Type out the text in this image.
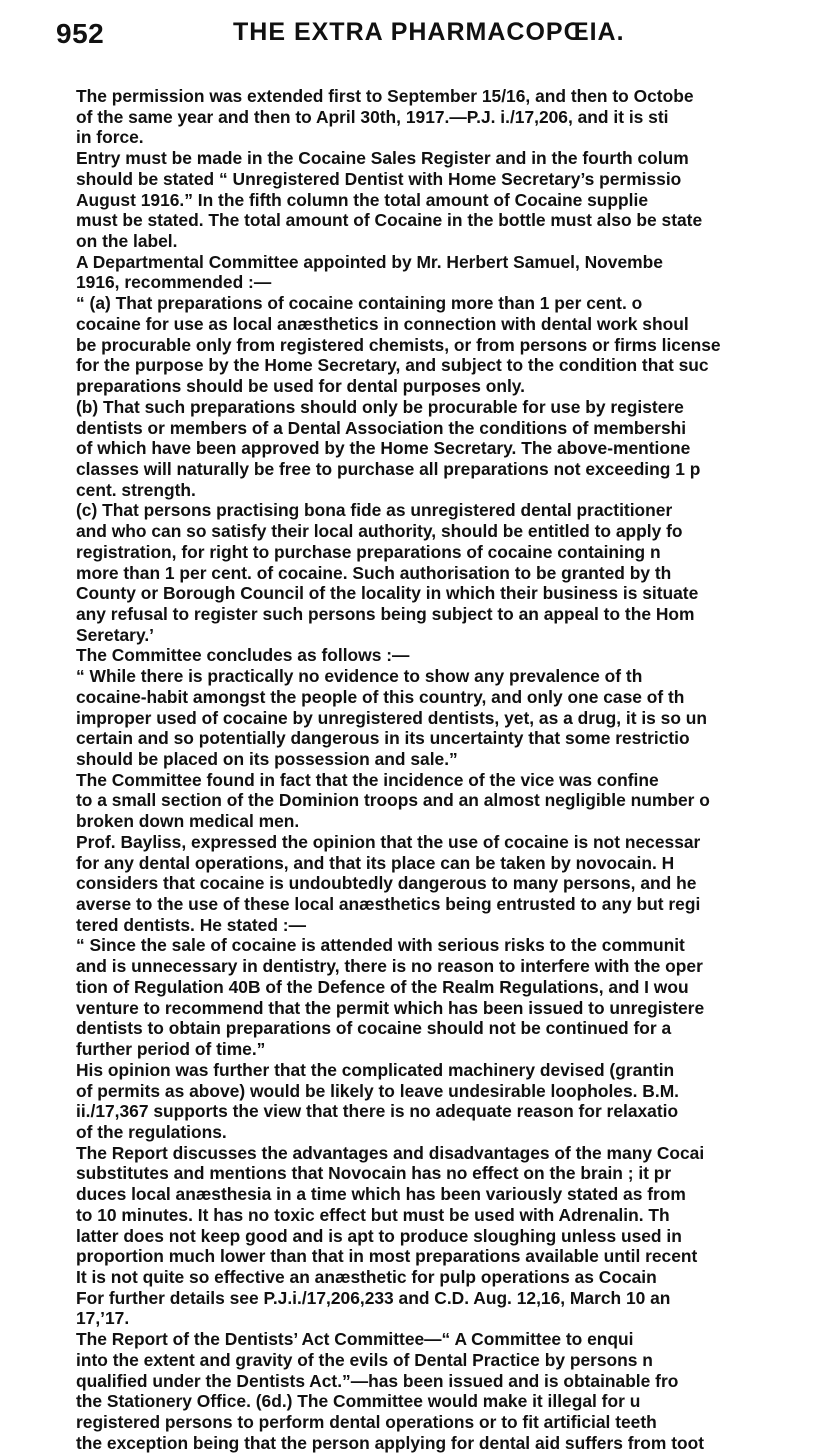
952	THE EXTRA PHARMACOPŒIA.
The permission was extended first to September 15/16, and then to Octobe
of the same year and then to April 30th, 1917.—P.J. i./17,206, and it is sti
in force.
Entry must be made in the Cocaine Sales Register and in the fourth colum
should be stated “ Unregistered Dentist with Home Secretary’s permissio
August 1916.” In the fifth column the total amount of Cocaine supplie
must be stated. The total amount of Cocaine in the bottle must also be state
on the label.
A Departmental Committee appointed by Mr. Herbert Samuel, Novembe
1916, recommended :—
“ (a) That preparations of cocaine containing more than 1 per cent. o
cocaine for use as local anæsthetics in connection with dental work shoul
be procurable only from registered chemists, or from persons or firms license
for the purpose by the Home Secretary, and subject to the condition that suc
preparations should be used for dental purposes only.
(b) That such preparations should only be procurable for use by registere
dentists or members of a Dental Association the conditions of membershi
of which have been approved by the Home Secretary. The above-mentione
classes will naturally be free to purchase all preparations not exceeding 1 p
cent. strength.
(c) That persons practising bona fide as unregistered dental practitioner
and who can so satisfy their local authority, should be entitled to apply fo
registration, for right to purchase preparations of cocaine containing n
more than 1 per cent. of cocaine. Such authorisation to be granted by th
County or Borough Council of the locality in which their business is situate
any refusal to register such persons being subject to an appeal to the Hom
Seretary.’
The Committee concludes as follows :—
“ While there is practically no evidence to show any prevalence of th
cocaine-habit amongst the people of this country, and only one case of th
improper used of cocaine by unregistered dentists, yet, as a drug, it is so un
certain and so potentially dangerous in its uncertainty that some restrictio
should be placed on its possession and sale.”
The Committee found in fact that the incidence of the vice was confine
to a small section of the Dominion troops and an almost negligible number o
broken down medical men.
Prof. Bayliss, expressed the opinion that the use of cocaine is not necessar
for any dental operations, and that its place can be taken by novocain. H
considers that cocaine is undoubtedly dangerous to many persons, and he
averse to the use of these local anæsthetics being entrusted to any but regi
tered dentists. He stated :—
“ Since the sale of cocaine is attended with serious risks to the communit
and is unnecessary in dentistry, there is no reason to interfere with the oper
tion of Regulation 40B of the Defence of the Realm Regulations, and I wou
venture to recommend that the permit which has been issued to unregistere
dentists to obtain preparations of cocaine should not be continued for a
further period of time.”
His opinion was further that the complicated machinery devised (grantin
of permits as above) would be likely to leave undesirable loopholes. B.M.
ii./17,367 supports the view that there is no adequate reason for relaxatio
of the regulations.
The Report discusses the advantages and disadvantages of the many Cocai
substitutes and mentions that Novocain has no effect on the brain ; it pr
duces local anæsthesia in a time which has been variously stated as from
to 10 minutes. It has no toxic effect but must be used with Adrenalin. Th
latter does not keep good and is apt to produce sloughing unless used in
proportion much lower than that in most preparations available until recent
It is not quite so effective an anæsthetic for pulp operations as Cocain
For further details see P.J.i./17,206,233 and C.D. Aug. 12,16, March 10 an
17,’17.
The Report of the Dentists’ Act Committee—“ A Committee to enqui
into the extent and gravity of the evils of Dental Practice by persons n
qualified under the Dentists Act.”—has been issued and is obtainable fro
the Stationery Office. (6d.) The Committee would make it illegal for u
registered persons to perform dental operations or to fit artificial teeth
the exception being that the person applying for dental aid suffers from toot
